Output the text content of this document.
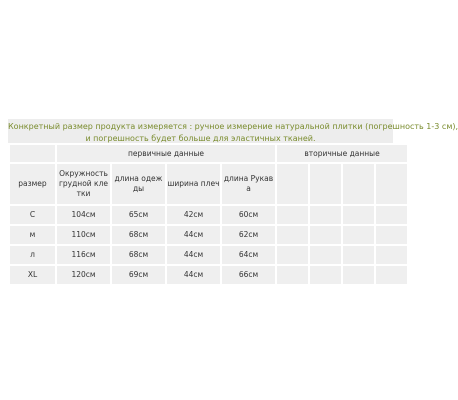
Конкретный размер продукта измеряется : ручное измерение натуральной плитки (погрешность 1-3 см),
и погрешность будет больше для эластичных тканей.
	первичные данные				вторичные данные			
размер	Окружность грудной клетки	длина одежды	ширина плеч	длина Рукава				
C	104см	65см	42см	60см				
м	110см	68см	44см	62см				
л	116см	68см	44см	64см				
XL	120см	69см	44см	66см				
